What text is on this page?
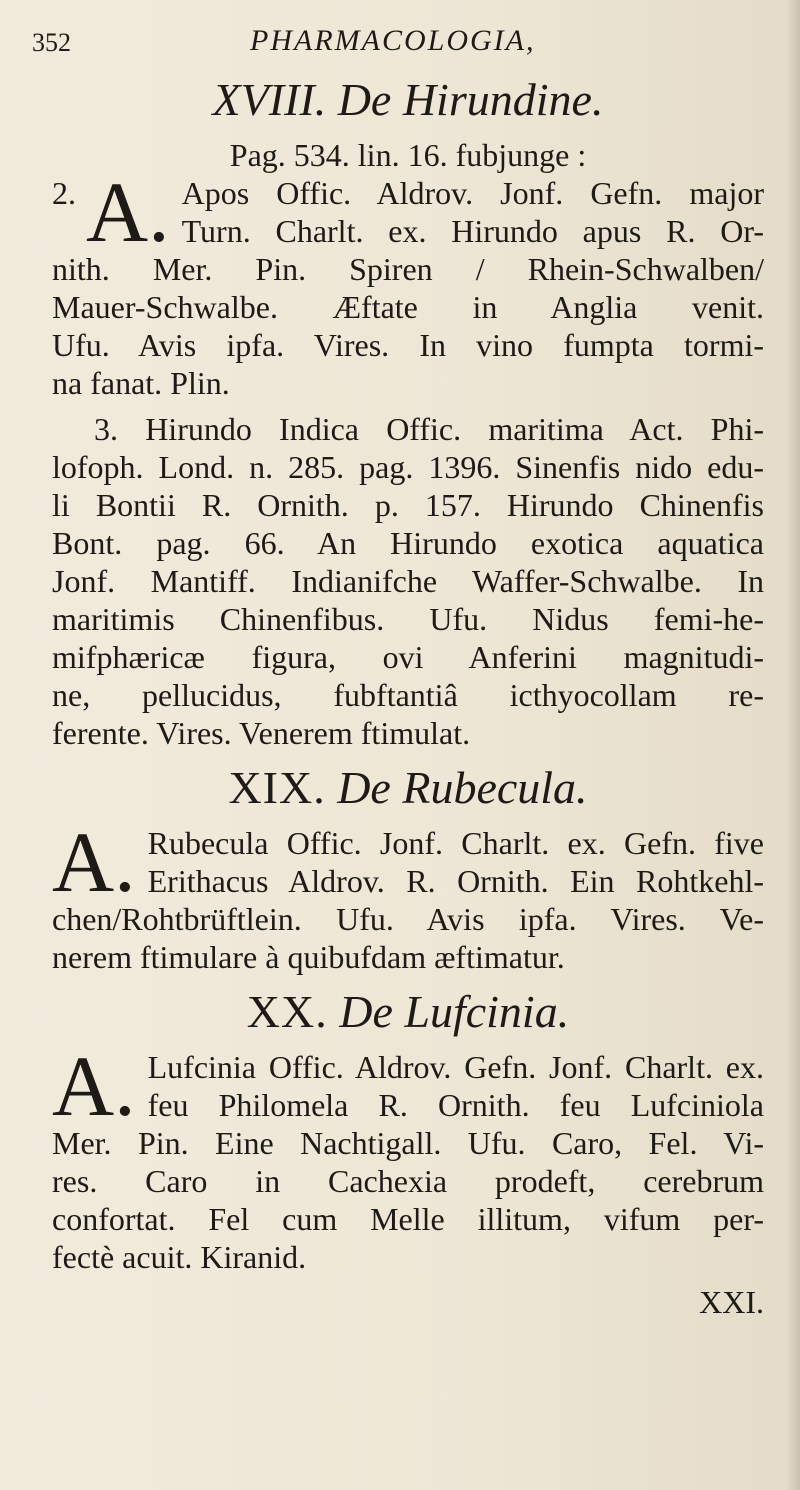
352	PHARMACOLOGIA,
XVIII. De Hirundine.
Pag. 534. lin. 16. fubjunge :
2. A. Apos Offic. Aldrov. Jonf. Gefn. major
Turn. Charlt. ex. Hirundo apus R. Or-
nith. Mer. Pin. Spiren / Rhein-Schwalben/
Mauer-Schwalbe. Æftate in Anglia venit.
Ufu. Avis ipfa. Vires. In vino fumpta tormi-
na fanat. Plin.
3. Hirundo Indica Offic. maritima Act. Phi-
lofoph. Lond. n. 285. pag. 1396. Sinenfis nido edu-
li Bontii R. Ornith. p. 157. Hirundo Chinenfis
Bont. pag. 66. An Hirundo exotica aquatica
Jonf. Mantiff. Indianifche Waffer-Schwalbe. In
maritimis Chinenfibus. Ufu. Nidus femi-he-
mifphæricæ figura, ovi Anferini magnitudi-
ne, pellucidus, fubftantiâ icthyocollam re-
ferente. Vires. Venerem ftimulat.
XIX. De Rubecula.
A. Rubecula Offic. Jonf. Charlt. ex. Gefn. five
Erithacus Aldrov. R. Ornith. Ein Rohtkehl-
chen/Rohtbrüftlein. Ufu. Avis ipfa. Vires. Ve-
nerem ftimulare à quibufdam æftimatur.
XX. De Lufcinia.
A. Lufcinia Offic. Aldrov. Gefn. Jonf. Charlt. ex.
feu Philomela R. Ornith. feu Lufciniola
Mer. Pin. Eine Nachtigall. Ufu. Caro, Fel. Vi-
res. Caro in Cachexia prodeft, cerebrum
confortat. Fel cum Melle illitum, vifum per-
fectè acuit. Kiranid.
XXI.
